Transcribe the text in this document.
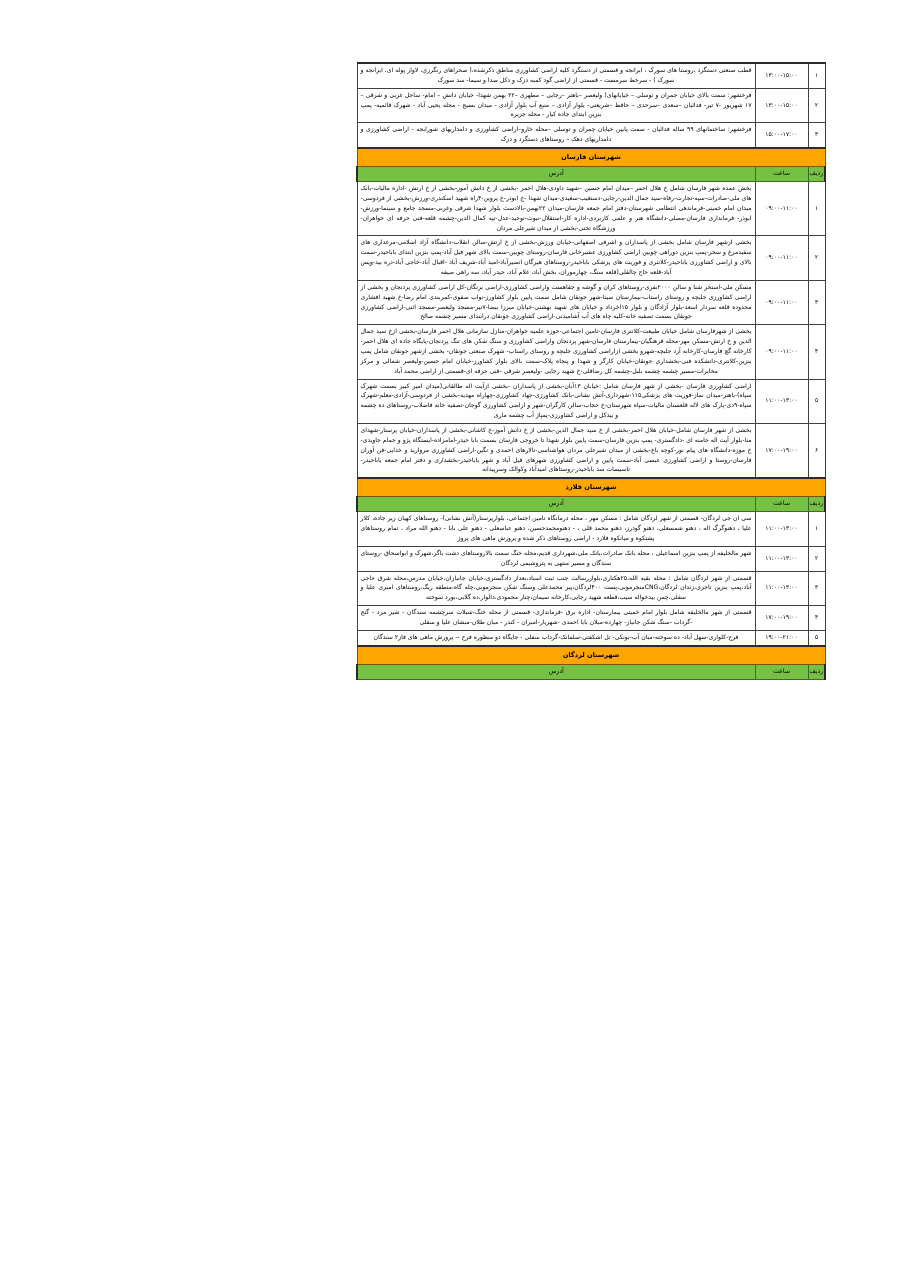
۱	۱۳:۰۰-۱۵:۰۰	قطب صنعتی دستگرد ،روستا های سورک ، ابرانجه و قسمتی از دستگرد کلیه اراضی کشاورزی مناطق ذکرشده،( صحراهای رنگرزی، لاوار پوله ای، ابرانجه و سورک ) - سرخط سرمست - قسمتی از اراضی گود کمبه دزک و دکل صدا و سیما- سد سورک
۲	۱۳:۰۰-۱۵:۰۰	فرخشهر: سمت بالای خیابان جمران و توسلی – خیابانهای( ولیعصر –باهنر –رجایی – مطهری –۲۲ بهمن شهدا- خیابان دانش – امام- ساحل غربی و شرقی – ۱۷ شهریور -۷ تیر- فدائیان –سعدی –سرحدی – حافظ –شریعتی- بلوار آزادی – منبع آب بلوار آزادی - میدان بسیج - محله یحیی آباد - شهرک قائمیه- پمپ بنزین ابتدای جاده کیار - محله جزیره
۳	۱۵:۰۰-۱۷:۰۰	فرخشهر: ساختمانهای ۹۹ ساله فدائیان - سمت پایین خیابان چمران و توسلی –محله خارو–اراضی کشاورزی و دامداریهای شورابجه - اراضی کشاورزی و دامداریهای دهک – روستاهای دستگرد و دزک
شهرستان فارسان		
ردیف	ساعت	آدرس
۱	۰۹:۰۰-۱۱:۰۰	بخش عمده شهر فارسان شامل خ هلال احمر –میدان امام حسین –شهید داودی-هلال احمر -بخشی از خ دانش آموز-بخشی از خ ارتش -اداره مالیات-بانک های ملی-صادرات-سپه-تجارت-رفاه-سید جمال الدین-رجایی-دستغیب-سعیدی-میدان شهدا -خ ابوذر-خ پروین-۴راه شهید اسکندری-ورزش-بخشی از فردوسی-میدان امام خمینی-فرماندهی انتظامی شهرستان-دفتر امام جمعه فارسان-میدان ۲۲بهمن-بالادست بلوار شهدا شرقی وغربی-مسجد جامع و سینما-ورزش-ابوذر- فرمانداری فارسان-مصلی-دانشگاه هنر و علمی کاربردی-اداره کار-استقلال-نبوت-توحید-عدل-تپه کمال الدین-چشمه قلعه-فنی حرفه ای خواهران-ورزشگاه تختی-بخشی از میدان شیرعلی مردان
۲	۰۹:۰۰-۱۱:۰۰	بخشی ازشهر فارسان شامل بخشی از پاسداران و اشرفی اصفهانی-خیابان ورزش-بخشی از خ ارتش-سالن انقلاب-دانشگاه آزاد اسلامی-مرغداری های سفیدمرغ و سحر-پمپ بنزین دوراهی چوبین اراضی کشاورزی عشیرخانی فارسان-روستای چوبین-سمت بالای شهر فیل آباد-پمپ بنزین ابتدای باباحیدر-سمت بالای و اراضی کشاورزی باباحیدر-کلانتری و فوریت های پزشکی باباحیدر-روستاهای هیرگان اتصیرآباد-امید آباد-شریف آباد -اقبال آباد-حاجی آباد-دره بید-ویس آباد-قلعه حاج چالقلی(قلعه سنگ، چهارموران، بخش آباد، غلام آباد، حیدر آباد، سه راهی صیفه
۳	۰۹:۰۰-۱۱:۰۰	مسکن ملی-استخر شنا و سالن ۲۰۰۰نفری-روستاهای کران و گوشه و جفاهست واراضی کشاورزی-اراضی برنگان-کل اراضی کشاورزی پردنجان و بخشی از اراضی کشاورزی جلبچه و روستای راستاب-بیمارستان سینا-شهر جونقان شامل سمت پایین بلوار کشاورز-نواب صفوی-کمربندی امام رضا-خ شهید افشاری محدوده قلعه سردار اسعد-بلوار آزادگان و بلوار ۱۵اخرداد و خیابان های شهید بهشتی-خیابان میرزا ببضا-۷تیر-مسجد ولیعصر-مسجد اثنی-اراضی کشاورزی جونقان بسمت تصفیه خانه-کلیه چاه های آب آشامیدنی-اراضی کشاورزی جونقان درابندای مسیر چشمه صالح
۴	۰۹:۰۰-۱۱:۰۰	بخشی از شهرفارسان شامل خیابان طبیعت-کلانتری فارسان-تامین اجتماعی-حوزه علمیه خواهران-منازل سازمانی هلال احمر فارسان-بخشی ازخ سید جمال الدین و خ ارتش-مسکن مهر-محله فرهنگیان-بیمارستان فارسان-شهر پردنجان واراضی کشاورزی و سنگ شکن های تنگ پردنجان-پایگاه جاده ای هلال احمر-کارخانه گچ فارسان-کارخانه آرد جلبچه-شهرو بخشی ازاراضی کشاورزی جلبچه و روستای راستاب- شهرک صنعتی جونقان- بخشی ازشهر جونقان شامل پمپ بنزین-کلانتری-دانشکده فنی-بخشداری جونقان-خیابان کارگر و شهدا و پنجاه پلاک-سمت بالای بلوار کشاورز-خیابان امام حسین-ولیعصر شمالی و مرکز مخابرات-مسیر چشمه چشمه بلبل-چشمه کل رضاقلی-خ شهید رجایی -ولیعصر شرقی -فنی حرفه ای-قسمتی از اراضی محمد آباد
۵	۱۱:۰۰-۱۳:۰۰	اراضی کشاورزی فارسان -بخشی از شهر فارسان شامل :خیابان ۱۳آبان-بخشی از پاسداران -بخشی ازآیت اله طالقانی(میدان امیر کبیر بسمت شهرک سپاه)-باهنر-میدان نماز-فوریت های پزشکی۱۱۵-شهرداری-آتش نشانی-بانک کشاورزی-جهاد کشاورزی-چهاراه مهدیه-بخشی از فردوسی-آزادی-معلم-شهرک سپاه-۹دی-پارک های لاله قلعسنان مالیات-سپاه شهرستان-خ حجاب-سالن کارگران-شهر و اراضی کشاورزی گوجان-تصفیه خانه فاضلاب-روستاهای ده چشمه و بیدکل و اراضی کشاورزی-پمپاژ آب چشمه ماری
۶	۱۷:۰۰-۱۹:۰۰	بخشی از شهر فارسان شامل-خیابان هلال احمر-بخشی از خ سید جمال الدین-بخشی از خ دانش آموز-خ کاشانی-بخشی از پاسداران-خیابان پرستار-شهدای منا-بلوار آیت اله خامنه ای -دادگستری- پمپ بنزین فارسان-سمت پایین بلوار شهدا تا خروجی فارسان بسمت بابا حیدر-امامزاده-ایستگاه پژو و حمام جاویدی-خ موزه-دانشگاه های پیام نور-کوچه باغ-بخشی از میدان شیرعلی مردان هواشناسی-تالارهای احمدی و نگین-اراضی کشاورزی مروارید و خدایی-فن آوران فارسان-روستا و اراضی کشاورزی عبسی آباد-سمت پایین و اراضی کشاورزی شهرهای فیل آباد و شهر باباحیدر-بخشداری و دفتر امام جمعه باباحیدر-تاسیسات سد باباحیدر-روستاهای امیدآباد وکوالک وسرپیدانه
شهرستان فلارد		
ردیف	ساعت	آدرس
۱	۱۱:۰۰-۱۳:۰۰	سی ان جی لردگان- قسمتی از شهر لردگان شامل : مسکن مهر ، محله درمانگاه تامین اجتماعی، بلوارپرستار(آتش نشانی)- روستاهای کهیان زیر جاده، کلار علیا ، دهنوگرگ اله ، دهنو شمسعلی، دهنو گودرز، دهنو محمد قلی ، - دهنومحمدحسین، دهنو عباسعلی - دهنو علی بابا - دهنو الله مراد ، تمام روستاهای پشتکوه و میانکوه فلارد - اراضی روستاهای ذکر شده و پرورش ماهی های پروژ
۲	۱۱:۰۰-۱۳:۰۰	شهر مالخلیفه از پمپ بنزین اسماعیلی ، محله بانک صادرات،بانک ملی،شهرداری قدیم،محله خنگ سمت بالاروستاهای دشت باگر،شهرک و ابواسحاق -روستای سندگان و مسیر منتهی به پتروشیمی لردگان
۳	۱۱:۰۰-۱۳:۰۰	قسمتی از شهر لردگان شامل : محله بقیه الله،۲۵هکتاری،بلواررسالت جنب ثبت اسناد،بعداز دادگستری،خیابان جانبازان،خیابان مدرس،محله شرق حاجی آباد،پمپ بنزین تاجری،زندان لردگان،CNGمنجرموبی،پست ۴۰۰لردگان،پیر محمدعلی وسنگ شکن منجرموبی،چله گاه،منطقه ریگ،روستاهای امبری علیا و سفلی،چمن بیدخواله سیب،قطعه شهید رجایی،کارخانه سیمان،چنار محمودی،دالوار،ده گلابی،بورد سوخته
۴	۱۷:۰۰-۱۹:۰۰	قسمتی از شهر مالخلیفه شامل بلوار امام خمینی بیمارستان- اداره برق -فرمانداری- قسمتی از محله خنگ-شبلات سرچشمه سندگان - شیر مرد - گنج -گرداب -سنگ شکن جانباز- چهارده-مبلان بابا احمدی -شهریار-امبران - کندر - مبان طلان-مبشان علیا و سفلی
۵	۱۹:۰۰-۲۱:۰۰	فرح-کلواری-سهل آباد- ده سوخته-مبان آب-بونکی- تل اشکفتی-سلمانک-گرداب سفلی - جایگاه دو منظوره فرح -- پرورش ماهی های فاز۲ سندگان
شهرستان لردگان		
ردیف	ساعت	آدرس
